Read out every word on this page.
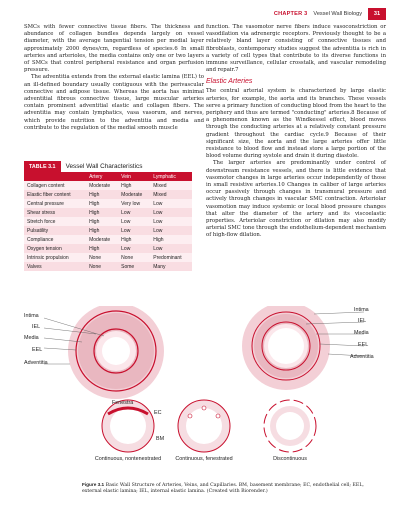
CHAPTER 3 Vessel Wall Biology	31

SMCs with fewer connective tissue fibers. The thickness and abundance of collagen bundles depends largely on vessel diameter, with the average tangential tension per medial layer approximately 2000 dynes/cm, regardless of species.6 In small arteries and arterioles, the media contains only one or two layers of SMCs that control peripheral resistance and organ perfusion pressure.

The adventitia extends from the external elastic lamina (EEL) to an ill-defined boundary usually contiguous with the perivascular connective and adipose tissue. Whereas the aorta has minimal adventitial fibrous connective tissue, large muscular arteries contain prominent adventitial elastic and collagen fibers. The adventitia may contain lymphatics, vasa vasorum, and nerves, which provide nutrition to the adventitia and media and contribute to the regulation of the medial smooth muscle

function. The vasomotor nerve fibers induce vasoconstriction or vasodilation via adrenergic receptors. Previously thought to be a relatively bland layer consisting of connective tissues and fibroblasts, contemporary studies suggest the adventitia is rich in a variety of cell types that contribute to its diverse functions in immune surveillance, cellular crosstalk, and vascular remodeling and repair.7

Elastic Arteries

The central arterial system is characterized by large elastic arteries, for example, the aorta and its branches. These vessels serve a primary function of conducting blood from the heart to the periphery and thus are termed "conducting" arteries.8 Because of a phenomenon known as the Windkessel effect, blood moves through the conducting arteries at a relatively constant pressure gradient throughout the cardiac cycle.9 Because of their significant size, the aorta and the large arteries offer little resistance to blood flow and instead store a large portion of the blood volume during systole and drain it during diastole.

The larger arteries are predominantly under control of downstream resistance vessels, and there is little evidence that vasomotor changes in large arteries occur independently of those in small resistive arteries.10 Changes in caliber of large arteries occur passively through changes in transmural pressure and actively through changes in vascular SMC contraction. Arteriolar vasomotion may induce systemic or local blood pressure changes that alter the diameter of the artery and its viscoelastic properties. Arteriolar constriction or dilation may also modify arterial SMC tone through the endothelium-dependent mechanism of high-flow dilation.

TABLE 3.1	Vessel Wall Characteristics
	Artery	Vein	Lymphatic
Collagen content	Moderate	High	Mixed
Elastic fiber content	High	Moderate	Mixed
Central pressure	High	Very low	Low
Shear stress	High	Low	Low
Stretch force	High	Low	Low
Pulsatility	High	Low	Low
Compliance	Moderate	High	High
Oxygen tension	High	Low	Low
Intrinsic propulsion	None	None	Predominant
Valves	None	Some	Many
Intima
IEL
Media
EEL
Adventitia
Intima
IEL
Media
EEL
Adventitia
Fenestra
EC
BM
Continuous, nontenestrated	Continuous, fenestrated	Discontinuous
Figure 3.1 Basic Wall Structure of Arteries, Veins, and Capillaries. BM, basement membrane; EC, endothelial cell; EEL, external elastic lamina; IEL, internal elastic lamina. (Created with Biorender.)
